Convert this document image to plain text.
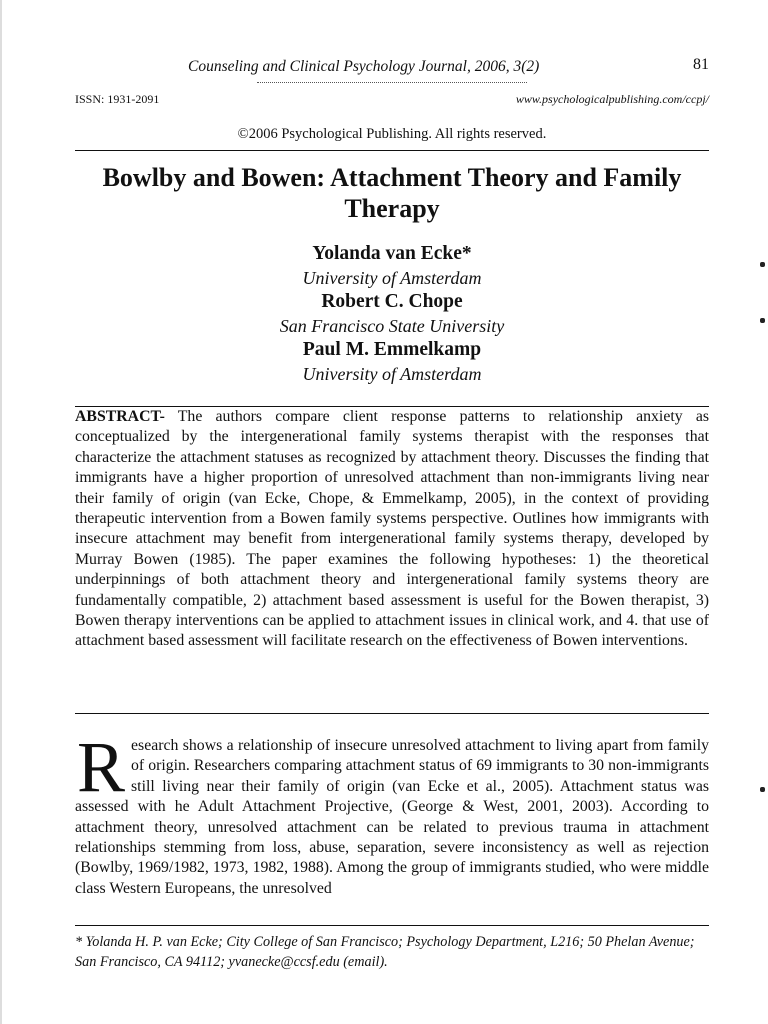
Counseling and Clinical Psychology Journal, 2006, 3(2)	81
ISSN: 1931-2091	www.psychologicalpublishing.com/ccpj/
©2006 Psychological Publishing. All rights reserved.
Bowlby and Bowen: Attachment Theory and Family Therapy
Yolanda van Ecke*
University of Amsterdam
Robert C. Chope
San Francisco State University
Paul M. Emmelkamp
University of Amsterdam

ABSTRACT- The authors compare client response patterns to relationship anxiety as conceptualized by the intergenerational family systems therapist with the responses that characterize the attachment statuses as recognized by attachment theory. Discusses the finding that immigrants have a higher proportion of unresolved attachment than non-immigrants living near their family of origin (van Ecke, Chope, & Emmelkamp, 2005), in the context of providing therapeutic intervention from a Bowen family systems perspective. Outlines how immigrants with insecure attachment may benefit from intergenerational family systems therapy, developed by Murray Bowen (1985). The paper examines the following hypotheses: 1) the theoretical underpinnings of both attachment theory and intergenerational family systems theory are fundamentally compatible, 2) attachment based assessment is useful for the Bowen therapist, 3) Bowen therapy interventions can be applied to attachment issues in clinical work, and 4. that use of attachment based assessment will facilitate research on the effectiveness of Bowen interventions.

Research shows a relationship of insecure unresolved attachment to living apart from family of origin. Researchers comparing attachment status of 69 immigrants to 30 non-immigrants still living near their family of origin (van Ecke et al., 2005). Attachment status was assessed with he Adult Attachment Projective, (George & West, 2001, 2003). According to attachment theory, unresolved attachment can be related to previous trauma in attachment relationships stemming from loss, abuse, separation, severe inconsistency as well as rejection (Bowlby, 1969/1982, 1973, 1982, 1988). Among the group of immigrants studied, who were middle class Western Europeans, the unresolved

* Yolanda H. P. van Ecke; City College of San Francisco; Psychology Department, L216; 50 Phelan Avenue; San Francisco, CA 94112; yvanecke@ccsf.edu (email).
